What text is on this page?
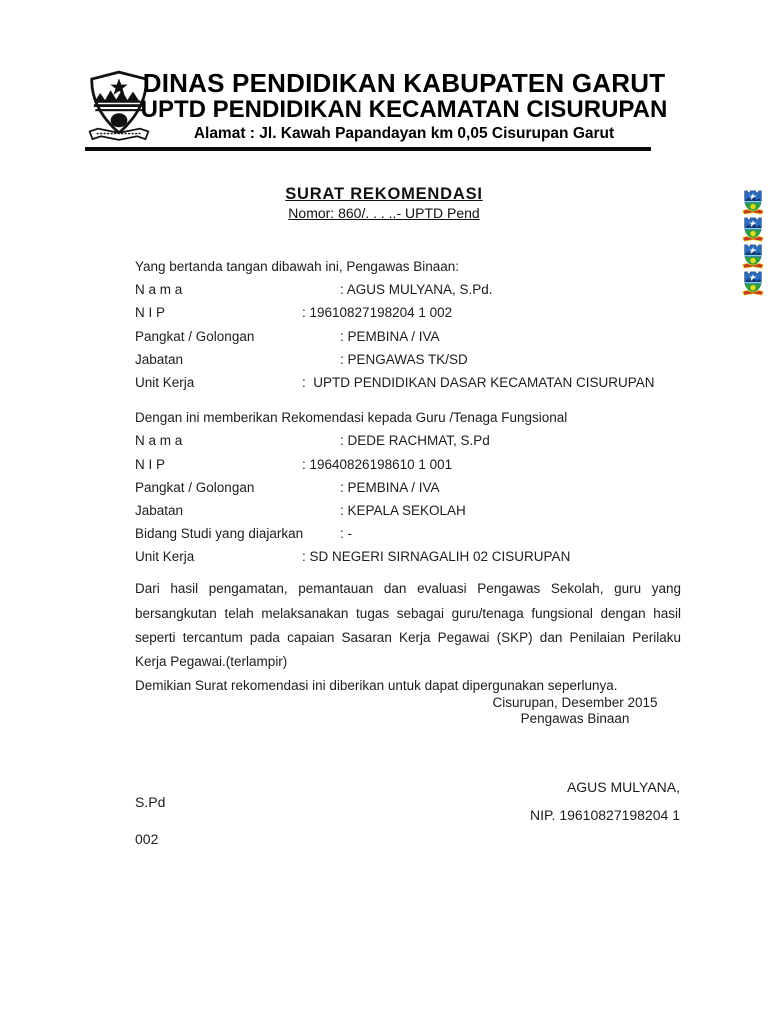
DINAS PENDIDIKAN KABUPATEN GARUT
UPTD PENDIDIKAN KECAMATAN CISURUPAN
Alamat : Jl. Kawah Papandayan km 0,05 Cisurupan Garut
SURAT REKOMENDASI
Nomor: 860/. . . ..- UPTD Pend
Yang bertanda tangan dibawah ini, Pengawas Binaan:
N a m a	: AGUS MULYANA, S.Pd.
N I P	: 19610827198204 1 002
Pangkat / Golongan	: PEMBINA / IVA
Jabatan	: PENGAWAS TK/SD
Unit Kerja	:  UPTD PENDIDIKAN DASAR KECAMATAN CISURUPAN
Dengan ini memberikan Rekomendasi kepada Guru /Tenaga Fungsional
N a m a	: DEDE RACHMAT, S.Pd
N I P	: 19640826198610 1 001
Pangkat / Golongan	: PEMBINA / IVA
Jabatan	: KEPALA SEKOLAH
Bidang Studi yang diajarkan	: -
Unit Kerja	: SD NEGERI SIRNAGALIH 02 CISURUPAN
Dari hasil pengamatan, pemantauan dan evaluasi Pengawas Sekolah, guru yang bersangkutan telah melaksanakan tugas sebagai guru/tenaga fungsional dengan hasil seperti tercantum pada capaian Sasaran Kerja Pegawai (SKP) dan Penilaian Perilaku Kerja Pegawai.(terlampir)
Demikian Surat rekomendasi ini diberikan untuk dapat dipergunakan seperlunya.
Cisurupan, Desember 2015
Pengawas Binaan
AGUS MULYANA,
S.Pd
NIP. 19610827198204 1
002
